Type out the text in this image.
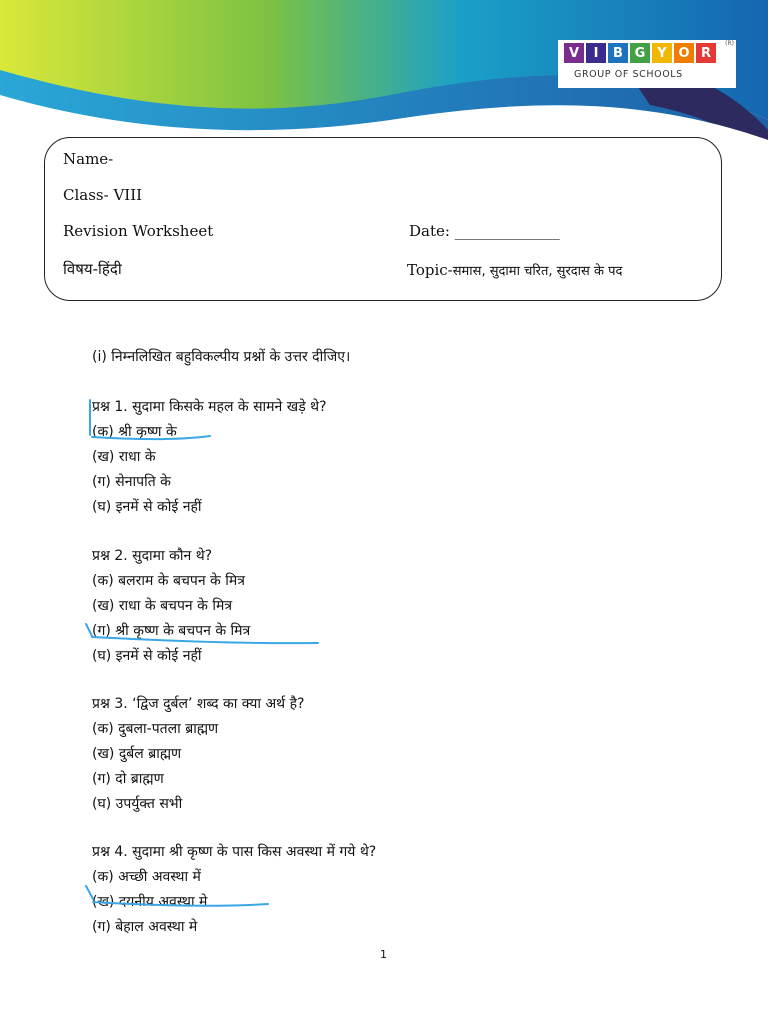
V	I	B G Y O R
(R)
GROUP OF SCHOOLS
Name-
Class- VIII
Revision Worksheet	Date: ______________
विषय-हिंदी	Topic-समास, सुदामा चरित, सुरदास के पद
(i) निम्नलिखित बहुविकल्पीय प्रश्नों के उत्तर दीजिए।
प्रश्न 1. सुदामा किसके महल के सामने खड़े थे?
(क) श्री कृष्ण के
(ख) राधा के
(ग) सेनापति के
(घ) इनमें से कोई नहीं
प्रश्न 2. सुदामा कौन थे?
(क) बलराम के बचपन के मित्र
(ख) राधा के बचपन के मित्र
(ग) श्री कृष्ण के बचपन के मित्र
(घ) इनमें से कोई नहीं
प्रश्न 3. ‘द्विज दुर्बल’ शब्द का क्या अर्थ है?
(क) दुबला-पतला ब्राह्मण
(ख) दुर्बल ब्राह्मण
(ग) दो ब्राह्मण
(घ) उपर्युक्त सभी
प्रश्न 4. सुदामा श्री कृष्ण के पास किस अवस्था में गये थे?
(क) अच्छी अवस्था में
(ख) दयनीय अवस्था मे
(ग) बेहाल अवस्था मे
1
